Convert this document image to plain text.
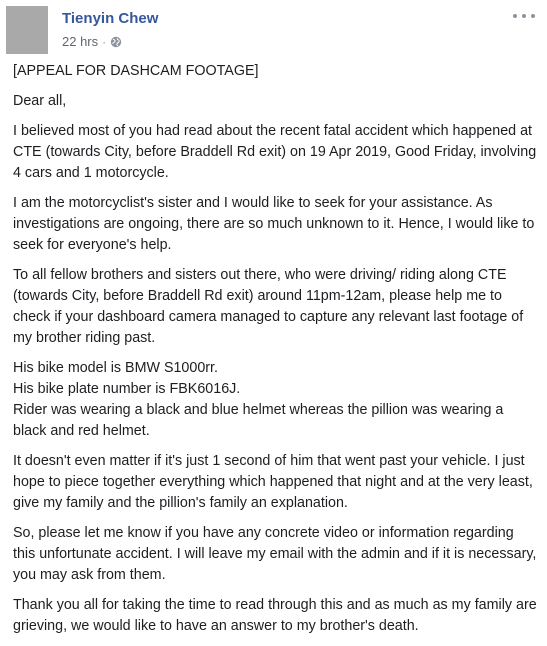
Tienyin Chew
22 hrs ·

[APPEAL FOR DASHCAM FOOTAGE]

Dear all,

I believed most of you had read about the recent fatal accident which happened at CTE (towards City, before Braddell Rd exit) on 19 Apr 2019, Good Friday, involving 4 cars and 1 motorcycle.

I am the motorcyclist's sister and I would like to seek for your assistance. As investigations are ongoing, there are so much unknown to it. Hence, I would like to seek for everyone's help.

To all fellow brothers and sisters out there, who were driving/ riding along CTE (towards City, before Braddell Rd exit) around 11pm-12am, please help me to check if your dashboard camera managed to capture any relevant last footage of my brother riding past.

His bike model is BMW S1000rr.
His bike plate number is FBK6016J.
Rider was wearing a black and blue helmet whereas the pillion was wearing a black and red helmet.

It doesn't even matter if it's just 1 second of him that went past your vehicle. I just hope to piece together everything which happened that night and at the very least, give my family and the pillion's family an explanation.

So, please let me know if you have any concrete video or information regarding this unfortunate accident. I will leave my email with the admin and if it is necessary, you may ask from them.

Thank you all for taking the time to read through this and as much as my family are grieving, we would like to have an answer to my brother's death.
